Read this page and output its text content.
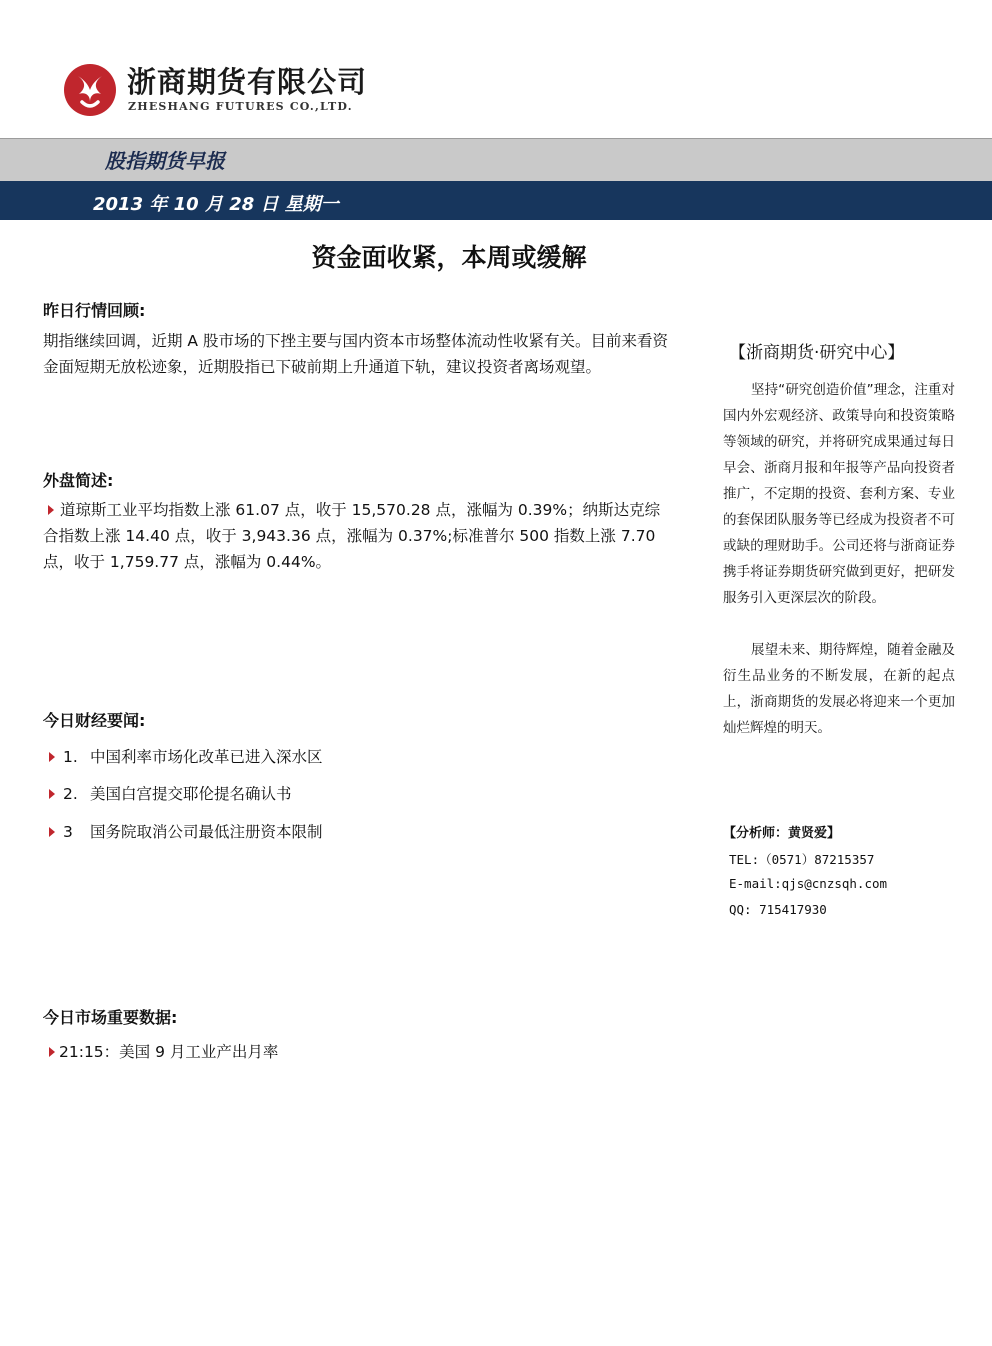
浙商期货有限公司
ZHESHANG FUTURES CO.,LTD.
股指期货早报
2013 年 10 月 28 日 星期一
资金面收紧，本周或缓解
昨日行情回顾:
期指继续回调，近期 A 股市场的下挫主要与国内资本市场整体流动性收紧有关。目前来看资金面短期无放松迹象，近期股指已下破前期上升通道下轨，建议投资者离场观望。
外盘简述:
道琼斯工业平均指数上涨 61.07 点，收于 15,570.28 点，涨幅为 0.39%；纳斯达克综合指数上涨 14.40 点，收于 3,943.36 点，涨幅为 0.37%;标准普尔 500 指数上涨 7.70 点，收于 1,759.77 点，涨幅为 0.44%。
今日财经要闻:
1. 中国利率市场化改革已进入深水区
2. 美国白宫提交耶伦提名确认书
3 国务院取消公司最低注册资本限制
今日市场重要数据:
21:15：美国 9 月工业产出月率
【浙商期货·研究中心】
坚持“研究创造价值”理念，注重对国内外宏观经济、政策导向和投资策略等领域的研究，并将研究成果通过每日早会、浙商月报和年报等产品向投资者推广，不定期的投资、套利方案、专业的套保团队服务等已经成为投资者不可或缺的理财助手。公司还将与浙商证券携手将证券期货研究做到更好，把研发服务引入更深层次的阶段。
展望未来、期待辉煌，随着金融及衍生品业务的不断发展，在新的起点上，浙商期货的发展必将迎来一个更加灿烂辉煌的明天。
【分析师：黄贤爱】
TEL:（0571）87215357
E-mail:qjs@cnzsqh.com
QQ: 715417930
